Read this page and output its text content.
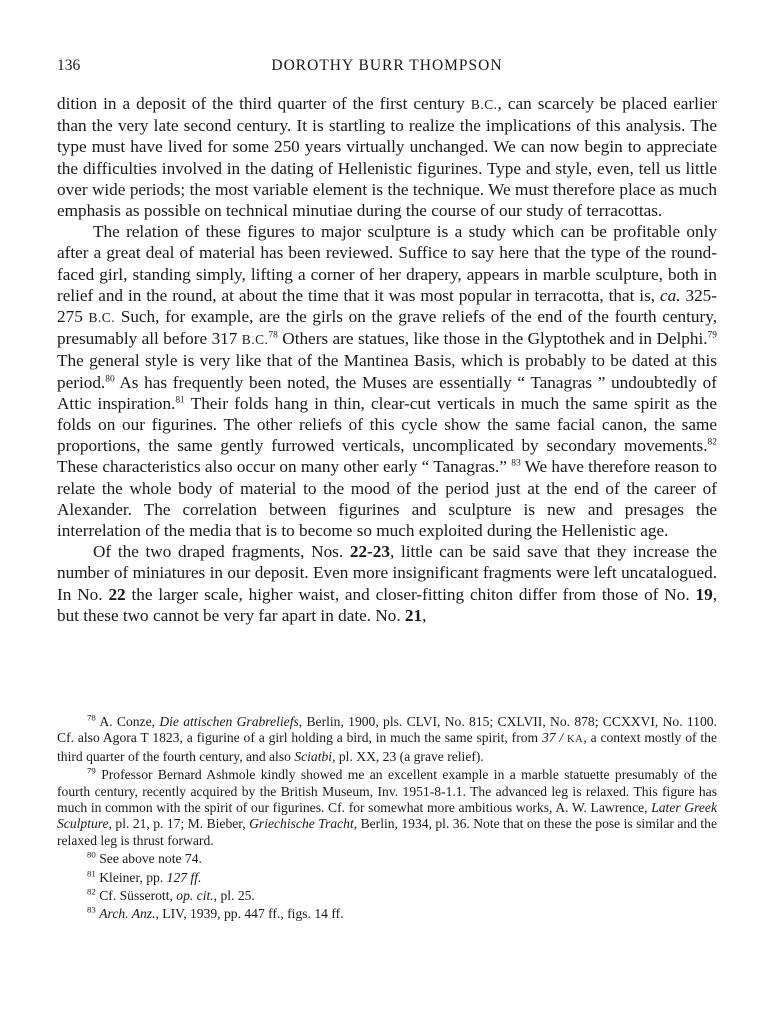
136	DOROTHY BURR THOMPSON

dition in a deposit of the third quarter of the first century B.C., can scarcely be placed earlier than the very late second century. It is startling to realize the implications of this analysis. The type must have lived for some 250 years virtually unchanged. We can now begin to appreciate the difficulties involved in the dating of Hellenistic figurines. Type and style, even, tell us little over wide periods; the most variable element is the technique. We must therefore place as much emphasis as possible on technical minutiae during the course of our study of terracottas.

The relation of these figures to major sculpture is a study which can be profitable only after a great deal of material has been reviewed. Suffice to say here that the type of the round-faced girl, standing simply, lifting a corner of her drapery, appears in marble sculpture, both in relief and in the round, at about the time that it was most popular in terracotta, that is, ca. 325-275 B.C. Such, for example, are the girls on the grave reliefs of the end of the fourth century, presumably all before 317 B.C.$^{78}$ Others are statues, like those in the Glyptothek and in Delphi.$^{79}$ The general style is very like that of the Mantinea Basis, which is probably to be dated at this period.$^{80}$ As has frequently been noted, the Muses are essentially “ Tanagras ” undoubtedly of Attic inspiration.$^{81}$ Their folds hang in thin, clear-cut verticals in much the same spirit as the folds on our figurines. The other reliefs of this cycle show the same facial canon, the same proportions, the same gently furrowed verticals, uncomplicated by secondary movements.$^{82}$ These characteristics also occur on many other early “ Tanagras.” $^{83}$ We have therefore reason to relate the whole body of material to the mood of the period just at the end of the career of Alexander. The correlation between figurines and sculpture is new and presages the interrelation of the media that is to become so much exploited during the Hellenistic age.

Of the two draped fragments, Nos. 22-23, little can be said save that they increase the number of miniatures in our deposit. Even more insignificant fragments were left uncatalogued. In No. 22 the larger scale, higher waist, and closer-fitting chiton differ from those of No. 19, but these two cannot be very far apart in date. No. 21,

$^{78}$ A. Conze, Die attischen Grabreliefs, Berlin, 1900, pls. CLVI, No. 815; CXLVII, No. 878; CCXXVI, No. 1100. Cf. also Agora T 1823, a figurine of a girl holding a bird, in much the same spirit, from 37 / KA, a context mostly of the third quarter of the fourth century, and also Sciatbi, pl. XX, 23 (a grave relief).

$^{79}$ Professor Bernard Ashmole kindly showed me an excellent example in a marble statuette presumably of the fourth century, recently acquired by the British Museum, Inv. 1951-8-1.1. The advanced leg is relaxed. This figure has much in common with the spirit of our figurines. Cf. for somewhat more ambitious works, A. W. Lawrence, Later Greek Sculpture, pl. 21, p. 17; M. Bieber, Griechische Tracht, Berlin, 1934, pl. 36. Note that on these the pose is similar and the relaxed leg is thrust forward.

$^{80}$ See above note 74.

$^{81}$ Kleiner, pp. 127 ff.

$^{82}$ Cf. Süsserott, op. cit., pl. 25.

$^{83}$ Arch. Anz., LIV, 1939, pp. 447 ff., figs. 14 ff.
